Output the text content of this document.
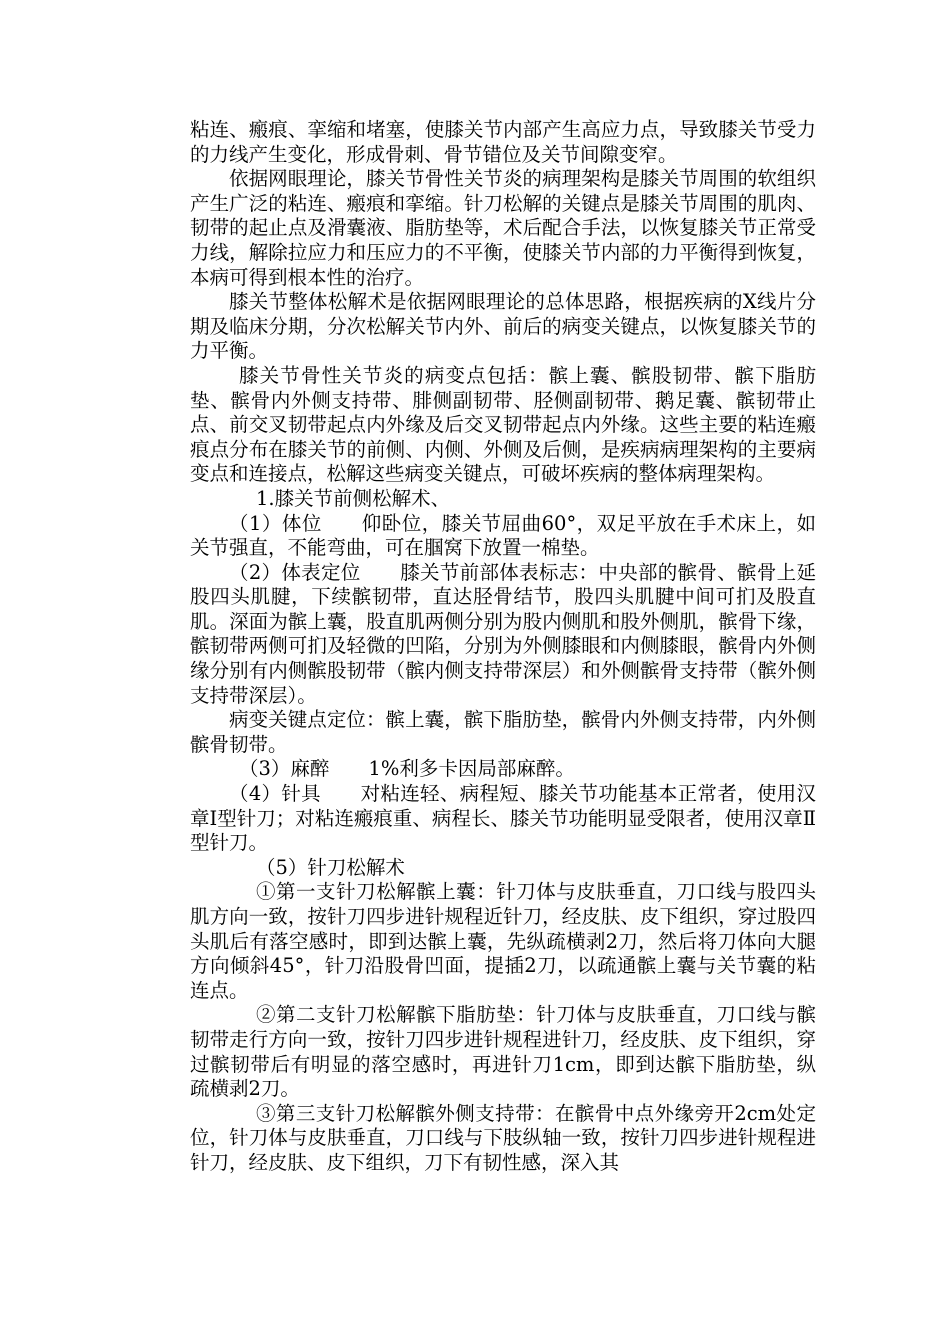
粘连、瘢痕、挛缩和堵塞，使膝关节内部产生高应力点，导致膝关节受力的力线产生变化，形成骨刺、骨节错位及关节间隙变窄。

依据网眼理论，膝关节骨性关节炎的病理架构是膝关节周围的软组织产生广泛的粘连、瘢痕和挛缩。针刀松解的关键点是膝关节周围的肌肉、韧带的起止点及滑囊液、脂肪垫等，术后配合手法，以恢复膝关节正常受力线，解除拉应力和压应力的不平衡，使膝关节内部的力平衡得到恢复，本病可得到根本性的治疗。

膝关节整体松解术是依据网眼理论的总体思路，根据疾病的X线片分期及临床分期，分次松解关节内外、前后的病变关键点，以恢复膝关节的力平衡。

膝关节骨性关节炎的病变点包括：髌上囊、髌股韧带、髌下脂肪垫、髌骨内外侧支持带、腓侧副韧带、胫侧副韧带、鹅足囊、髌韧带止点、前交叉韧带起点内外缘及后交叉韧带起点内外缘。这些主要的粘连瘢痕点分布在膝关节的前侧、内侧、外侧及后侧，是疾病病理架构的主要病变点和连接点，松解这些病变关键点，可破坏疾病的整体病理架构。

1.膝关节前侧松解术、

（1）体位　　仰卧位，膝关节屈曲60°，双足平放在手术床上，如关节强直，不能弯曲，可在腘窝下放置一棉垫。

（2）体表定位　　膝关节前部体表标志：中央部的髌骨、髌骨上延股四头肌腱，下续髌韧带，直达胫骨结节，股四头肌腱中间可扪及股直肌。深面为髌上囊，股直肌两侧分别为股内侧肌和股外侧肌，髌骨下缘，髌韧带两侧可扪及轻微的凹陷，分别为外侧膝眼和内侧膝眼，髌骨内外侧缘分别有内侧髌股韧带（髌内侧支持带深层）和外侧髌骨支持带（髌外侧支持带深层）。

病变关键点定位：髌上囊，髌下脂肪垫，髌骨内外侧支持带，内外侧髌骨韧带。

（3）麻醉　　1%利多卡因局部麻醉。

（4）针具　　对粘连轻、病程短、膝关节功能基本正常者，使用汉章Ⅰ型针刀；对粘连瘢痕重、病程长、膝关节功能明显受限者，使用汉章Ⅱ型针刀。

（5）针刀松解术

①第一支针刀松解髌上囊：针刀体与皮肤垂直，刀口线与股四头肌方向一致，按针刀四步进针规程近针刀，经皮肤、皮下组织，穿过股四头肌后有落空感时，即到达髌上囊，先纵疏横剥2刀，然后将刀体向大腿方向倾斜45°，针刀沿股骨凹面，提插2刀，以疏通髌上囊与关节囊的粘连点。

②第二支针刀松解髌下脂肪垫：针刀体与皮肤垂直，刀口线与髌韧带走行方向一致，按针刀四步进针规程进针刀，经皮肤、皮下组织，穿过髌韧带后有明显的落空感时，再进针刀1cm，即到达髌下脂肪垫，纵疏横剥2刀。

③第三支针刀松解髌外侧支持带：在髌骨中点外缘旁开2cm处定位，针刀体与皮肤垂直，刀口线与下肢纵轴一致，按针刀四步进针规程进针刀，经皮肤、皮下组织，刀下有韧性感，深入其
